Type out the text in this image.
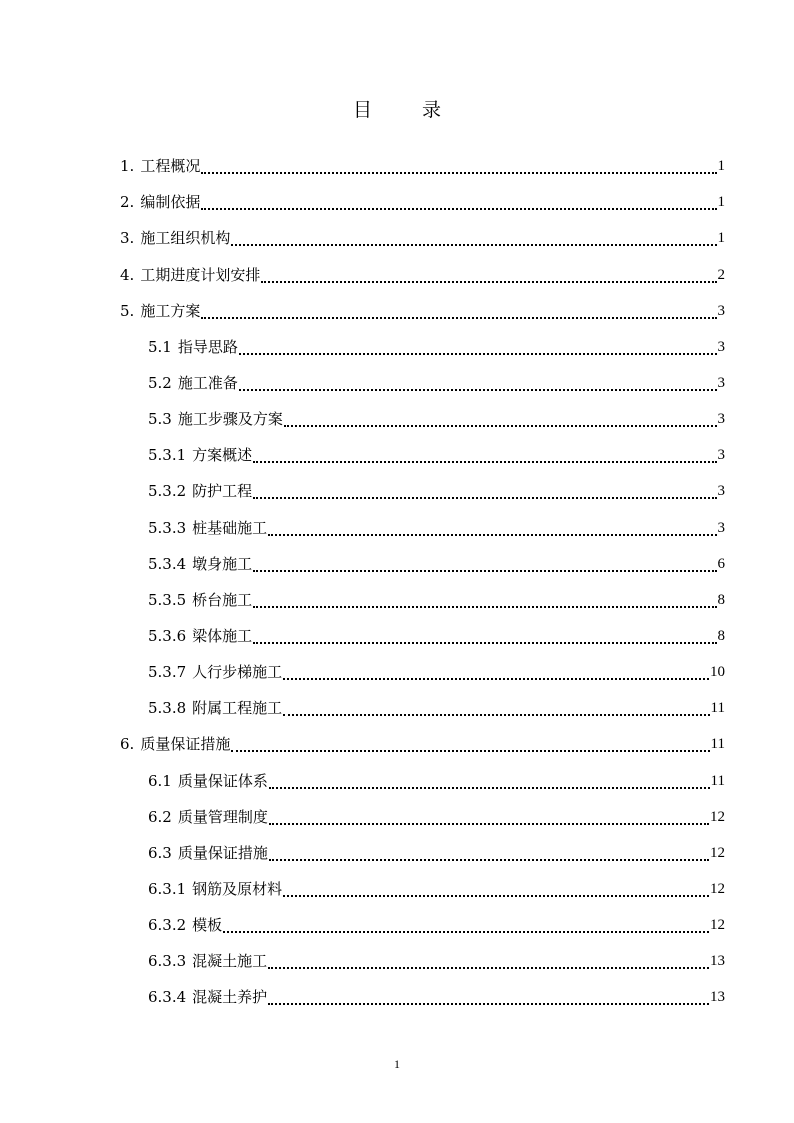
目 录
1. 工程概况	1
2. 编制依据	1
3. 施工组织机构	1
4. 工期进度计划安排	2
5. 施工方案	3
5.1 指导思路	3
5.2 施工准备	3
5.3 施工步骤及方案	3
5.3.1 方案概述	3
5.3.2 防护工程	3
5.3.3 桩基础施工	3
5.3.4 墩身施工	6
5.3.5 桥台施工	8
5.3.6 梁体施工	8
5.3.7 人行步梯施工	10
5.3.8 附属工程施工	11
6. 质量保证措施	11
6.1 质量保证体系	11
6.2 质量管理制度	12
6.3 质量保证措施	12
6.3.1 钢筋及原材料	12
6.3.2 模板	12
6.3.3 混凝土施工	13
6.3.4 混凝土养护	13
1
